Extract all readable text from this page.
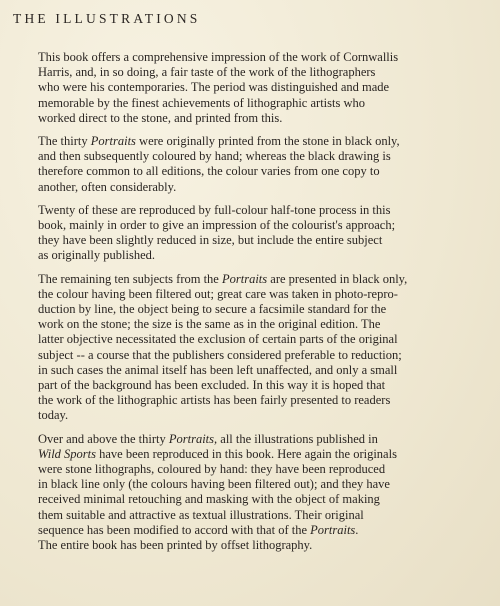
THE ILLUSTRATIONS

This book offers a comprehensive impression of the work of Cornwallis
Harris, and, in so doing, a fair taste of the work of the lithographers
who were his contemporaries. The period was distinguished and made
memorable by the finest achievements of lithographic artists who
worked direct to the stone, and printed from this.

The thirty Portraits were originally printed from the stone in black only,
and then subsequently coloured by hand; whereas the black drawing is
therefore common to all editions, the colour varies from one copy to
another, often considerably.

Twenty of these are reproduced by full-colour half-tone process in this
book, mainly in order to give an impression of the colourist's approach;
they have been slightly reduced in size, but include the entire subject
as originally published.

The remaining ten subjects from the Portraits are presented in black only,
the colour having been filtered out; great care was taken in photo-repro-
duction by line, the object being to secure a facsimile standard for the
work on the stone; the size is the same as in the original edition. The
latter objective necessitated the exclusion of certain parts of the original
subject -- a course that the publishers considered preferable to reduction;
in such cases the animal itself has been left unaffected, and only a small
part of the background has been excluded. In this way it is hoped that
the work of the lithographic artists has been fairly presented to readers
today.

Over and above the thirty Portraits, all the illustrations published in
Wild Sports have been reproduced in this book. Here again the originals
were stone lithographs, coloured by hand: they have been reproduced
in black line only (the colours having been filtered out); and they have
received minimal retouching and masking with the object of making
them suitable and attractive as textual illustrations. Their original
sequence has been modified to accord with that of the Portraits.
The entire book has been printed by offset lithography.
